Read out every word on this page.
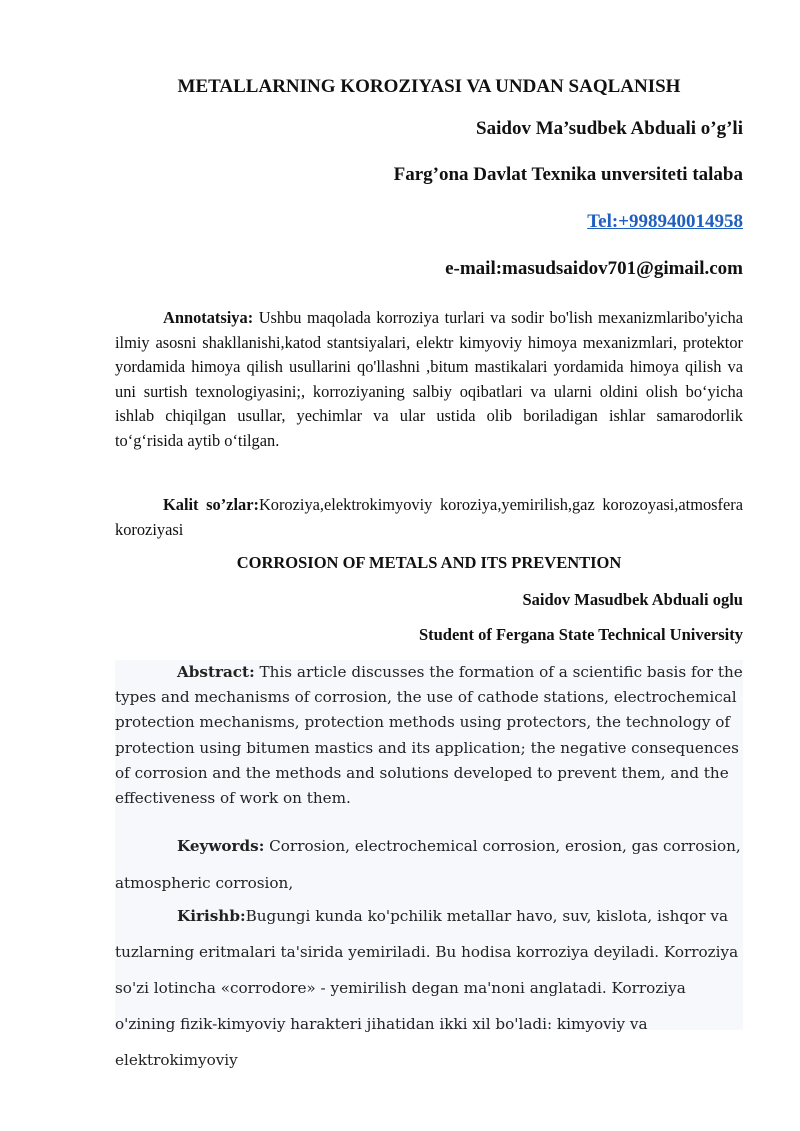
METALLARNING KOROZIYASI VA UNDAN SAQLANISH
Saidov Ma’sudbek Abduali o’g’li
Farg’ona Davlat Texnika unversiteti talaba
Tel:+998940014958
e-mail:masudsaidov701@gimail.com
Annotatsiya: Ushbu maqolada korroziya turlari va sodir bo'lish mexanizmlaribo'yicha ilmiy asosni shakllanishi,katod stantsiyalari, elektr kimyoviy himoya mexanizmlari, protektor yordamida himoya qilish usullarini qo'llashni ,bitum mastikalari yordamida himoya qilish va uni surtish texnologiyasini;, korroziyaning salbiy oqibatlari va ularni oldini olish bo‘yicha ishlab chiqilgan usullar, yechimlar va ular ustida olib boriladigan ishlar samarodorlik to‘g‘risida aytib o‘tilgan.
Kalit so’zlar:Koroziya,elektrokimyoviy koroziya,yemirilish,gaz korozoyasi,atmosfera koroziyasi
CORROSION OF METALS AND ITS PREVENTION
Saidov Masudbek Abduali oglu
Student of Fergana State Technical University
Abstract: This article discusses the formation of a scientific basis for the types and mechanisms of corrosion, the use of cathode stations, electrochemical protection mechanisms, protection methods using protectors, the technology of protection using bitumen mastics and its application; the negative consequences of corrosion and the methods and solutions developed to prevent them, and the effectiveness of work on them.
Keywords: Corrosion, electrochemical corrosion, erosion, gas corrosion, atmospheric corrosion,
Kirishb:Bugungi kunda ko'pchilik metallar havo, suv, kislota, ishqor va tuzlarning eritmalari ta'sirida yemiriladi. Bu hodisa korroziya deyiladi. Korroziya so'zi lotincha «corrodore» - yemirilish degan ma'noni anglatadi. Korroziya o'zining fizik-kimyoviy harakteri jihatidan ikki xil bo'ladi: kimyoviy va elektrokimyoviy
